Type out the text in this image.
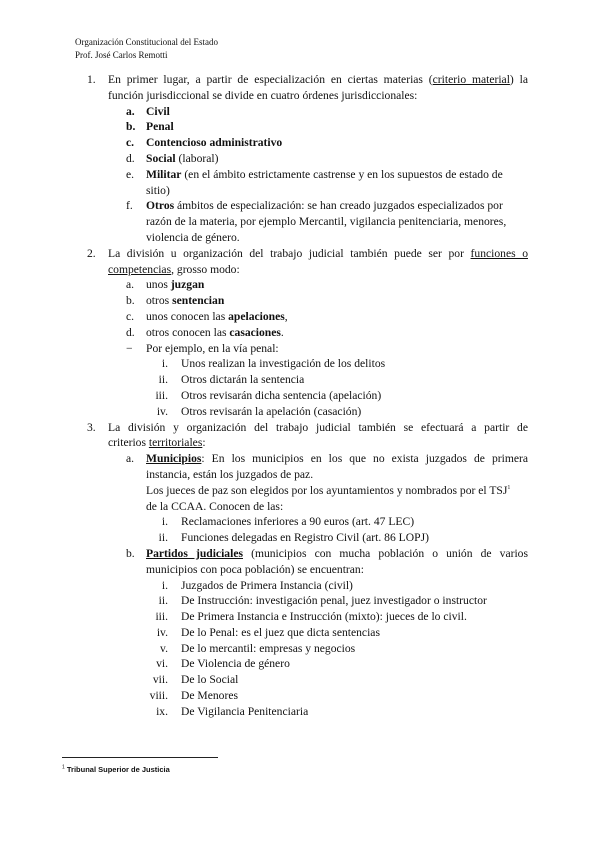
Organización Constitucional del Estado
Prof. José Carlos Remotti
1. En primer lugar, a partir de especialización en ciertas materias (criterio material) la
función jurisdiccional se divide en cuatro órdenes jurisdiccionales:
a. Civil
b. Penal
c. Contencioso administrativo
d. Social (laboral)
e. Militar (en el ámbito estrictamente castrense y en los supuestos de estado de
sitio)
f. Otros ámbitos de especialización: se han creado juzgados especializados por
razón de la materia, por ejemplo Mercantil, vigilancia penitenciaria, menores,
violencia de género.
2. La división u organización del trabajo judicial también puede ser por funciones o
competencias, grosso modo:
a. unos juzgan
b. otros sentencian
c. unos conocen las apelaciones,
d. otros conocen las casaciones.
− Por ejemplo, en la vía penal:
i. Unos realizan la investigación de los delitos
ii. Otros dictarán la sentencia
iii. Otros revisarán dicha sentencia (apelación)
iv. Otros revisarán la apelación (casación)
3. La división y organización del trabajo judicial también se efectuará a partir de
criterios territoriales:
a. Municipios: En los municipios en los que no exista juzgados de primera
instancia, están los juzgados de paz.
Los jueces de paz son elegidos por los ayuntamientos y nombrados por el TSJ$^1$
de la CCAA. Conocen de las:
i. Reclamaciones inferiores a 90 euros (art. 47 LEC)
ii. Funciones delegadas en Registro Civil (art. 86 LOPJ)
b. Partidos judiciales (municipios con mucha población o unión de varios
municipios con poca población) se encuentran:
i. Juzgados de Primera Instancia (civil)
ii. De Instrucción: investigación penal, juez investigador o instructor
iii. De Primera Instancia e Instrucción (mixto): jueces de lo civil.
iv. De lo Penal: es el juez que dicta sentencias
v. De lo mercantil: empresas y negocios
vi. De Violencia de género
vii. De lo Social
viii. De Menores
ix. De Vigilancia Penitenciaria
$^1$ Tribunal Superior de Justicia
